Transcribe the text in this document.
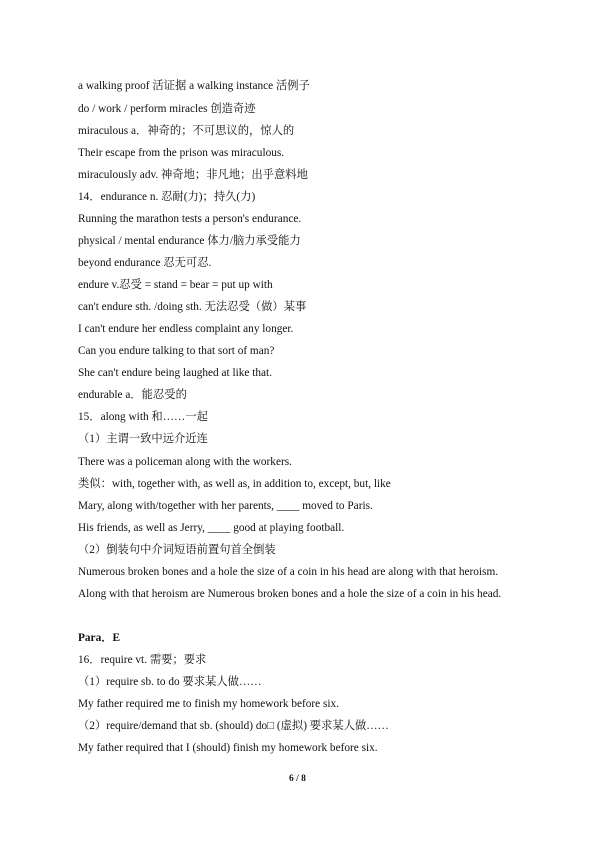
a walking proof 活证据 a walking instance 活例子
do / work / perform miracles 创造奇迹
miraculous a．神奇的；不可思议的，惊人的
Their escape from the prison was miraculous.
miraculously adv. 神奇地；非凡地；出乎意料地
14．endurance n. 忍耐(力)；持久(力)
Running the marathon tests a person's endurance.
physical / mental endurance 体力/脑力承受能力
beyond endurance 忍无可忍.
endure v.忍受 = stand = bear = put up with
can't endure sth. /doing sth. 无法忍受（做）某事
I can't endure her endless complaint any longer.
Can you endure talking to that sort of man?
She can't endure being laughed at like that.
endurable a．能忍受的
15．along with 和……一起
（1）主谓一致中远介近连
There was a policeman along with the workers.
类似：with, together with, as well as, in addition to, except, but, like
Mary, along with/together with her parents, ____ moved to Paris.
His friends, as well as Jerry, ____ good at playing football.
（2）倒装句中介词短语前置句首全倒装
Numerous broken bones and a hole the size of a coin in his head are along with that heroism.
Along with that heroism are Numerous broken bones and a hole the size of a coin in his head.
Para．E
16．require vt. 需要；要求
（1）require sb. to do 要求某人做……
My father required me to finish my homework before six.
（2）require/demand that sb. (should) do□ (虚拟) 要求某人做……
My father required that I (should) finish my homework before six.
6 / 8
